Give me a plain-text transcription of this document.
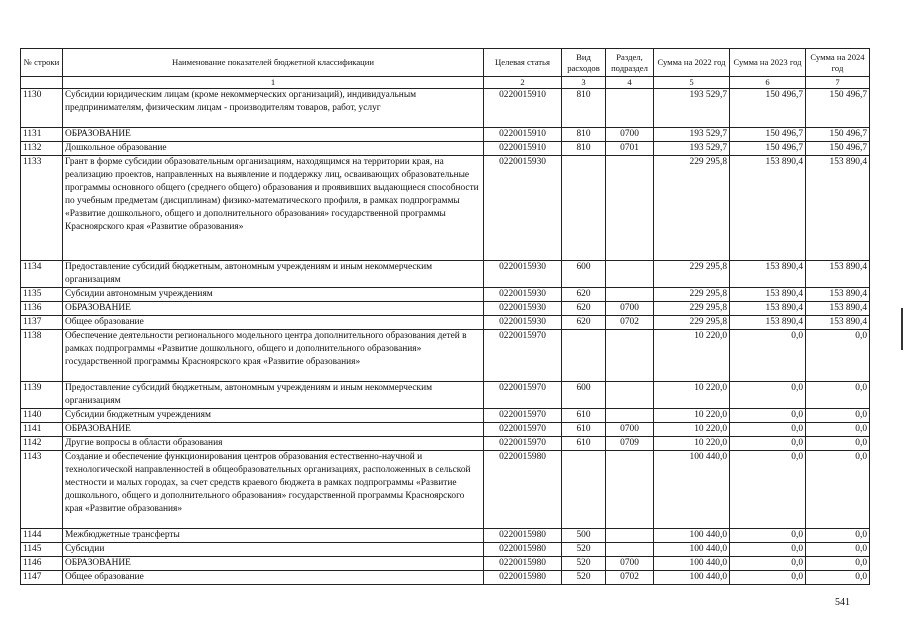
№ строки	Наименование показателей бюджетной классификации	Целевая статья	Вид расходов	Раздел, подраздел	Сумма на 2022 год	Сумма на 2023 год	Сумма на 2024 год
	1	2	3	4	5	6	7
1130	Субсидии юридическим лицам (кроме некоммерческих организаций), индивидуальным предпринимателям, физическим лицам - производителям товаров, работ, услуг	0220015910	810		193 529,7	150 496,7	150 496,7
1131	ОБРАЗОВАНИЕ	0220015910	810	0700	193 529,7	150 496,7	150 496,7
1132	Дошкольное образование	0220015910	810	0701	193 529,7	150 496,7	150 496,7
1133	Грант в форме субсидии образовательным организациям, находящимся на территории края, на реализацию проектов, направленных на выявление и поддержку лиц, осваивающих образовательные программы основного общего (среднего общего) образования и проявивших выдающиеся способности по учебным предметам (дисциплинам) физико-математического профиля, в рамках подпрограммы «Развитие дошкольного, общего и дополнительного образования» государственной программы Красноярского края «Развитие образования»	0220015930			229 295,8	153 890,4	153 890,4
1134	Предоставление субсидий бюджетным, автономным учреждениям и иным некоммерческим организациям	0220015930	600		229 295,8	153 890,4	153 890,4
1135	Субсидии автономным учреждениям	0220015930	620		229 295,8	153 890,4	153 890,4
1136	ОБРАЗОВАНИЕ	0220015930	620	0700	229 295,8	153 890,4	153 890,4
1137	Общее образование	0220015930	620	0702	229 295,8	153 890,4	153 890,4
1138	Обеспечение деятельности регионального модельного центра дополнительного образования детей в рамках подпрограммы «Развитие дошкольного, общего и дополнительного образования» государственной программы Красноярского края «Развитие образования»	0220015970			10 220,0	0,0	0,0
1139	Предоставление субсидий бюджетным, автономным учреждениям и иным некоммерческим организациям	0220015970	600		10 220,0	0,0	0,0
1140	Субсидии бюджетным учреждениям	0220015970	610		10 220,0	0,0	0,0
1141	ОБРАЗОВАНИЕ	0220015970	610	0700	10 220,0	0,0	0,0
1142	Другие вопросы в области образования	0220015970	610	0709	10 220,0	0,0	0,0
1143	Создание и обеспечение функционирования центров образования естественно-научной и технологической направленностей в общеобразовательных организациях, расположенных в сельской местности и малых городах, за счет средств краевого бюджета в рамках подпрограммы «Развитие дошкольного, общего и дополнительного образования» государственной программы Красноярского края «Развитие образования»	0220015980			100 440,0	0,0	0,0
1144	Межбюджетные трансферты	0220015980	500		100 440,0	0,0	0,0
1145	Субсидии	0220015980	520		100 440,0	0,0	0,0
1146	ОБРАЗОВАНИЕ	0220015980	520	0700	100 440,0	0,0	0,0
1147	Общее образование	0220015980	520	0702	100 440,0	0,0	0,0
541
